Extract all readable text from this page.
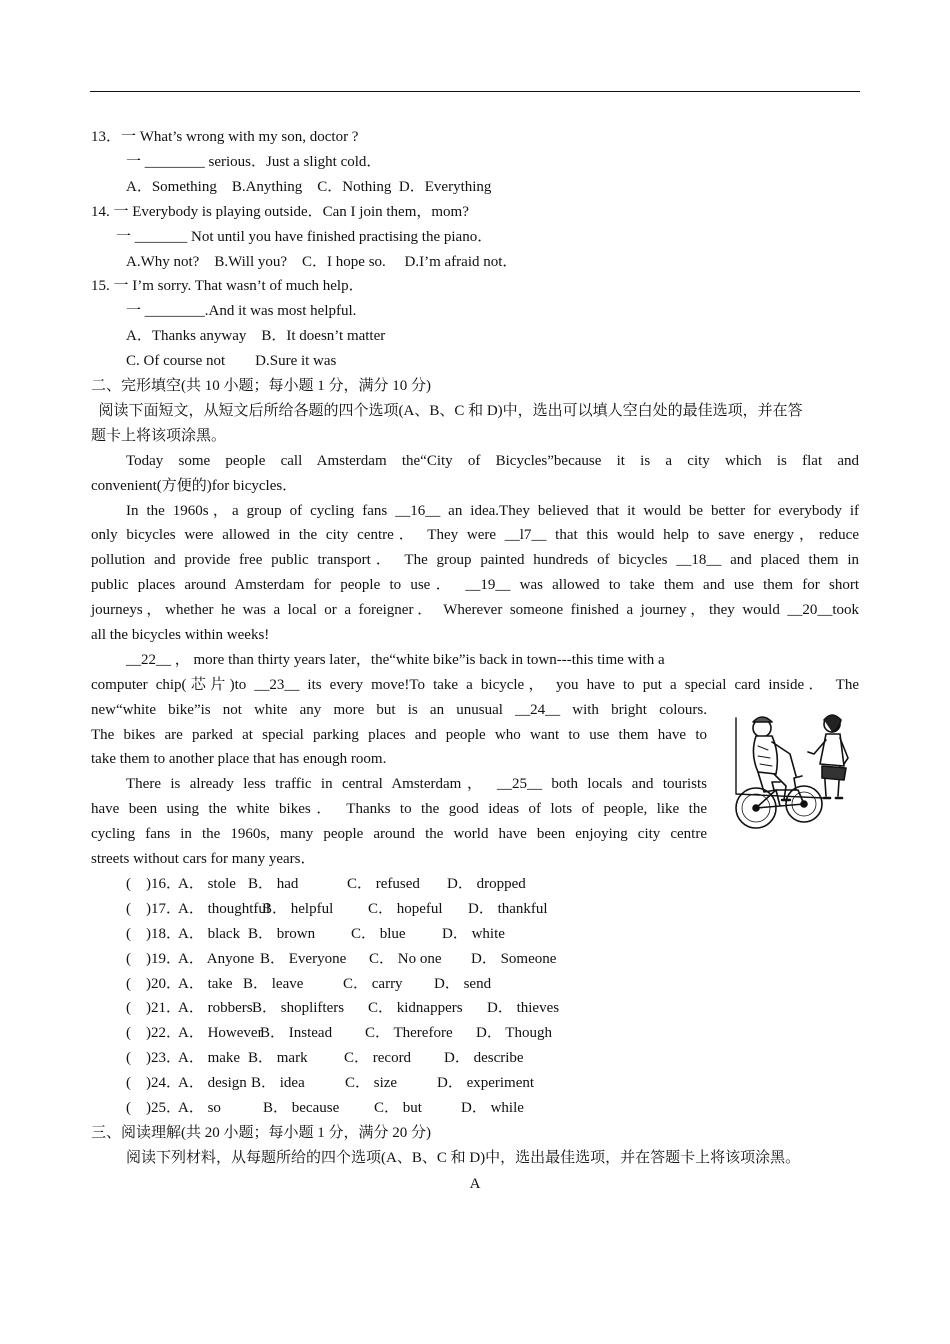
13．一 What’s wrong with my son, doctor ?
一 ________ serious．Just a slight cold．
A．Something    B.Anything    C．Nothing  D．Everything
14. 一 Everybody is playing outside．Can I join them，mom?
一 _______ Not until you have finished practising the piano．
A.Why not?    B.Will you?    C．I hope so.     D.I’m afraid not．
15. 一 I’m sorry. That wasn’t of much help．
一 ________.And it was most helpful.
A．Thanks anyway    B．It doesn’t matter
C. Of course not        D.Sure it was
二、完形填空(共 10 小题；每小题 1 分，满分 10 分)
阅读下面短文，从短文后所给各题的四个选项(A、B、C 和 D)中，选出可以填人空白处的最佳选项，并在答
题卡上将该项涂黑。
Today some people call Amsterdam the“City of Bicycles”because it is a city which is flat and
convenient(方便的)for bicycles．
In the 1960s，a group of cycling fans __16__ an idea.They believed that it would be better for everybody if
only bicycles were allowed in the city centre． They were __l7__ that this would help to save energy，reduce
pollution and provide free public transport． The group painted hundreds of bicycles __18__ and placed them in
public places around Amsterdam for people to use． __19__ was allowed to take them and use them for short
journeys，whether he was a local or a foreigner． Wherever someone finished a journey，they would __20__took
all the bicycles within weeks!
__22__ ， more than thirty years later，the“white bike”is back in town---this time with a
computer chip(芯片)to __23__ its every move!To take a bicycle， you have to put a special card inside． The
new“white bike”is not white any more but is an unusual __24__ with bright colours.
The bikes are parked at special parking places and people who want to use them have to
take them to another place that has enough room.
There is already less traffic in central Amsterdam， __25__ both locals and tourists
have been using the white bikes． Thanks to the good ideas of lots of people, like the
cycling fans in the 1960s, many people around the world have been enjoying city centre
streets without cars for many years．
(    )16．A． stole B． had	C． refused D． dropped
(    )17．A． thoughtfulB． helpful C． hopeful D． thankful
(    )18．A． black B． brown C． blue D． white
(    )19．A． Anyone B． Everyone C． No one D． Someone
(    )20．A． take B． leave	C． carry D． send
(    )21．A． robbersB． shoplifters C． kidnappers D． thieves
(    )22．A． HoweverB． Instead C． Therefore D． Though
(    )23．A． make B． mark C． record D． describe
(    )24．A． design B． idea	C． size	D． experiment
(    )25．A． so	B． because C． but	D． while
三、阅读理解(共 20 小题；每小题 1 分，满分 20 分)
阅读下列材料，从每题所给的四个选项(A、B、C 和 D)中，选出最佳选项，并在答题卡上将该项涂黑。
A
